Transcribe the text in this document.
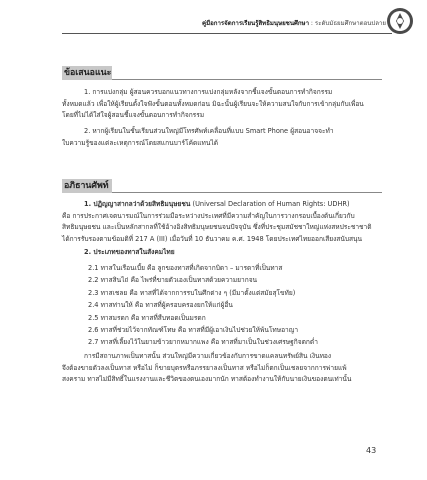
คู่มือการจัดการเรียนรู้สิทธิมนุษยชนศึกษา : ระดับมัธยมศึกษาตอนปลาย
ข้อเสนอแนะ
1. การแบ่งกลุ่ม ผู้สอนควรบอกแนวทางการแบ่งกลุ่มหลังจากชี้แจงขั้นตอนการทำกิจกรรม
ทั้งหมดแล้ว เพื่อให้ผู้เรียนตั้งใจฟังขั้นตอนทั้งหมดก่อน มิฉะนั้นผู้เรียนจะให้ความสนใจกับการเข้ากลุ่มกับเพื่อน
โดยที่ไม่ได้ใส่ใจผู้สอนชี้แจงขั้นตอนการทำกิจกรรม
2. หากผู้เรียนในชั้นเรียนส่วนใหญ่มีโทรศัพท์เคลื่อนที่แบบ Smart Phone ผู้สอนอาจจะทำ
ใบความรู้ของแต่ละเหตุการณ์โดยสแกนบาร์โค้ดแทนได้
อภิธานศัพท์
1. ปฏิญญาสากลว่าด้วยสิทธิมนุษยชน (Universal Declaration of Human Rights: UDHR)
คือ การประกาศเจตนารมณ์ในการร่วมมือระหว่างประเทศที่มีความสำคัญในการวางกรอบเบื้องต้นเกี่ยวกับ
สิทธิมนุษยชน และเป็นหลักสากลที่ใช้อ้างอิงสิทธิมนุษยชนจนปัจจุบัน ซึ่งที่ประชุมสมัชชาใหญ่แห่งสหประชาชาติ
ได้การรับรองตามข้อมติที่ 217 A (III) เมื่อวันที่ 10 ธันวาคม ค.ศ. 1948 โดยประเทศไทยออกเสียงสนับสนุน
2. ประเภทของทาสในสังคมไทย
2.1 ทาสในเรือนเบี้ย คือ ลูกของทาสที่เกิดจากบิดา – มารดาที่เป็นทาส
2.2 ทาสสินไถ่ คือ ไพร่ที่ขายตัวเองเป็นทาสด้วยความยากจน
2.3 ทาสเชลย คือ ทาสที่ได้จากการรบในศึกต่าง ๆ (มีมาตั้งแต่สมัยสุโขทัย)
2.4 ทาสท่านให้ คือ ทาสที่ผู้ครอบครองยกให้แก่ผู้อื่น
2.5 ทาสมรดก คือ ทาสที่สืบทอดเป็นมรดก
2.6 ทาสที่ช่วยไว้จากทัณฑ์โทษ คือ ทาสที่มีผู้เอาเงินไปช่วยให้พ้นโทษอาญา
2.7 ทาสที่เลี้ยงไว้ในยามข้าวยากหมากแพง คือ ทาสที่มาเป็นในช่วงเศรษฐกิจตกต่ำ
การมีสถานภาพเป็นทาสนั้น ส่วนใหญ่มีความเกี่ยวข้องกับการขาดแคลนทรัพย์สิน เงินทอง
จึงต้องขายตัวลงเป็นทาส หรือไม่ ก็ขายบุตรหรือภรรยาลงเป็นทาส หรือไม่ก็ตกเป็นเชลยจากการพ่ายแพ้
สงคราม ทาสไม่มีสิทธิ์ในแรงงานและชีวิตของตนเองมากนัก ทาสต้องทำงานให้กับนายเงินของตนเท่านั้น
43
